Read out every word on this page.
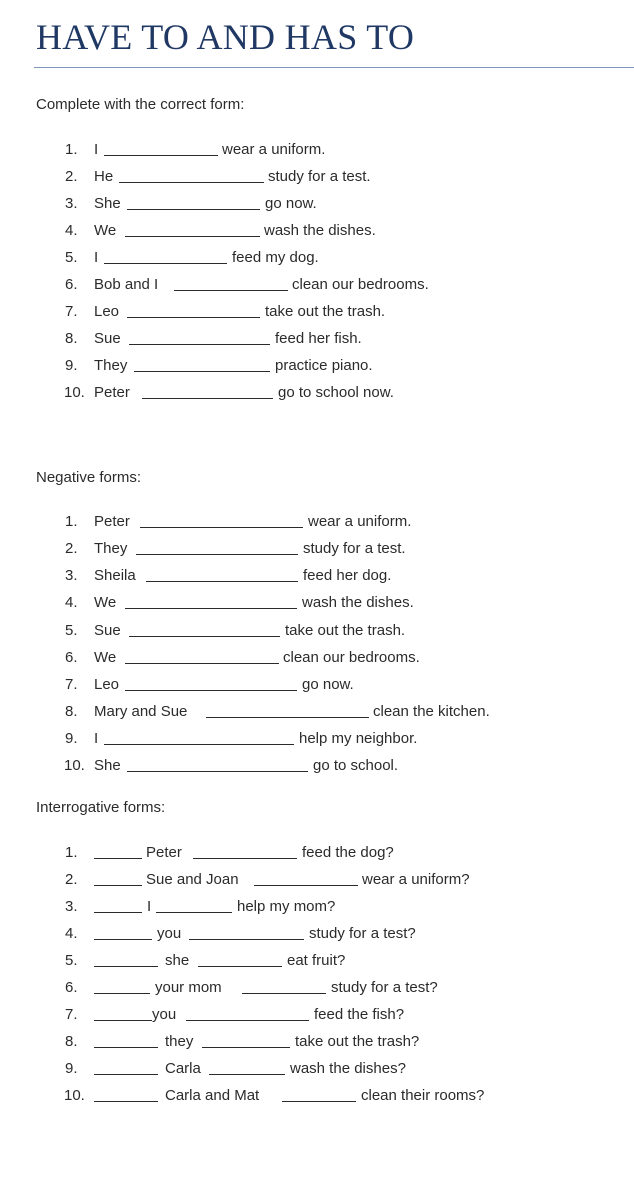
HAVE TO AND HAS TO
Complete with the correct form:
1. I	wear a uniform.
2. He	study for a test.
3. She	go now.
4. We	wash the dishes.
5. I	feed my dog.
6. Bob and I	clean our bedrooms.
7. Leo	take out the trash.
8. Sue	feed her fish.
9. They	practice piano.
10. Peter	go to school now.
Negative forms:
1. Peter	wear a uniform.
2. They	study for a test.
3. Sheila	feed her dog.
4. We	wash the dishes.
5. Sue	take out the trash.
6. We	clean our bedrooms.
7. Leo	go now.
8. Mary and Sue	clean the kitchen.
9. I	help my neighbor.
10. She	go to school.
Interrogative forms:
1.	Peter	feed the dog?
2.	Sue and Joan	wear a uniform?
3.	I	help my mom?
4.	you	study for a test?
5.	she	eat fruit?
6.	your mom	study for a test?
7.	you	feed the fish?
8.	they	take out the trash?
9.	Carla	wash the dishes?
10.	Carla and Mat	clean their rooms?
